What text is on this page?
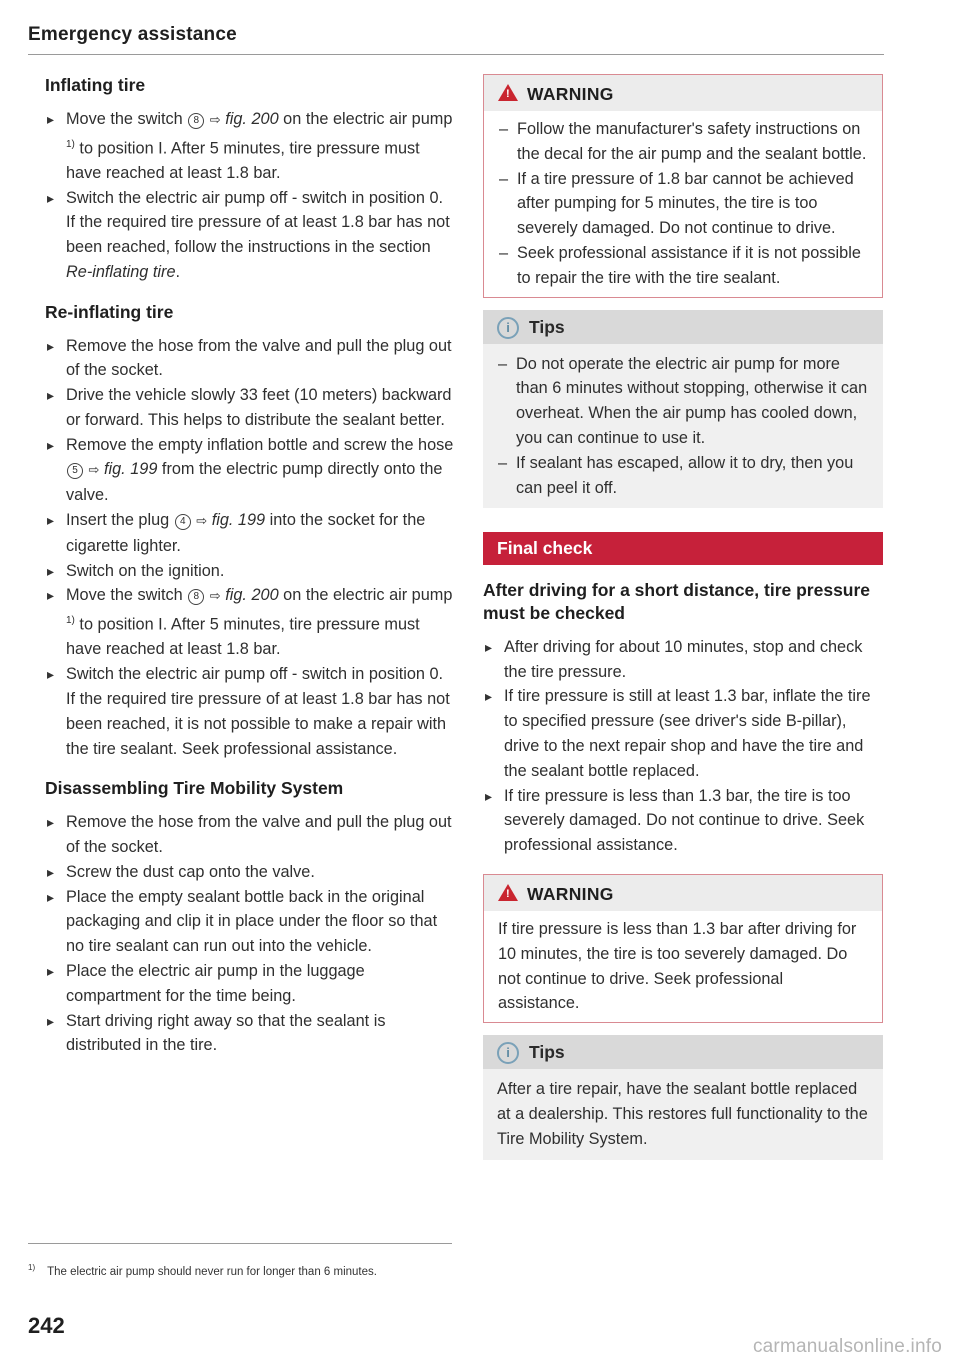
Emergency assistance
Inflating tire
▸ Move the switch 8 ⇨ fig. 200 on the electric air pump $^{1)}$ to position I. After 5 minutes, tire pressure must have reached at least 1.8 bar.
▸ Switch the electric air pump off - switch in position 0. If the required tire pressure of at least 1.8 bar has not been reached, follow the instructions in the section Re-inflating tire.
Re-inflating tire
▸ Remove the hose from the valve and pull the plug out of the socket.
▸ Drive the vehicle slowly 33 feet (10 meters) backward or forward. This helps to distribute the sealant better.
▸ Remove the empty inflation bottle and screw the hose 5 ⇨ fig. 199 from the electric pump directly onto the valve.
▸ Insert the plug 4 ⇨ fig. 199 into the socket for the cigarette lighter.
▸ Switch on the ignition.
▸ Move the switch 8 ⇨ fig. 200 on the electric air pump $^{1)}$ to position I. After 5 minutes, tire pressure must have reached at least 1.8 bar.
▸ Switch the electric air pump off - switch in position 0. If the required tire pressure of at least 1.8 bar has not been reached, it is not possible to make a repair with the tire sealant. Seek professional assistance.
Disassembling Tire Mobility System
▸ Remove the hose from the valve and pull the plug out of the socket.
▸ Screw the dust cap onto the valve.
▸ Place the empty sealant bottle back in the original packaging and clip it in place under the floor so that no tire sealant can run out into the vehicle.
▸ Place the electric air pump in the luggage compartment for the time being.
▸ Start driving right away so that the sealant is distributed in the tire.
! WARNING
– Follow the manufacturer's safety instructions on the decal for the air pump and the sealant bottle.
– If a tire pressure of 1.8 bar cannot be achieved after pumping for 5 minutes, the tire is too severely damaged. Do not continue to drive.
– Seek professional assistance if it is not possible to repair the tire with the tire sealant.
i Tips
– Do not operate the electric air pump for more than 6 minutes without stopping, otherwise it can overheat. When the air pump has cooled down, you can continue to use it.
– If sealant has escaped, allow it to dry, then you can peel it off.
Final check
After driving for a short distance, tire pressure must be checked
▸ After driving for about 10 minutes, stop and check the tire pressure.
▸ If tire pressure is still at least 1.3 bar, inflate the tire to specified pressure (see driver's side B-pillar), drive to the next repair shop and have the tire and the sealant bottle replaced.
▸ If tire pressure is less than 1.3 bar, the tire is too severely damaged. Do not continue to drive. Seek professional assistance.
! WARNING

If tire pressure is less than 1.3 bar after driving for 10 minutes, the tire is too severely damaged. Do not continue to drive. Seek professional assistance.

i Tips

After a tire repair, have the sealant bottle replaced at a dealership. This restores full functionality to the Tire Mobility System.

$^{1)}$ The electric air pump should never run for longer than 6 minutes.
242
carmanualsonline.info
